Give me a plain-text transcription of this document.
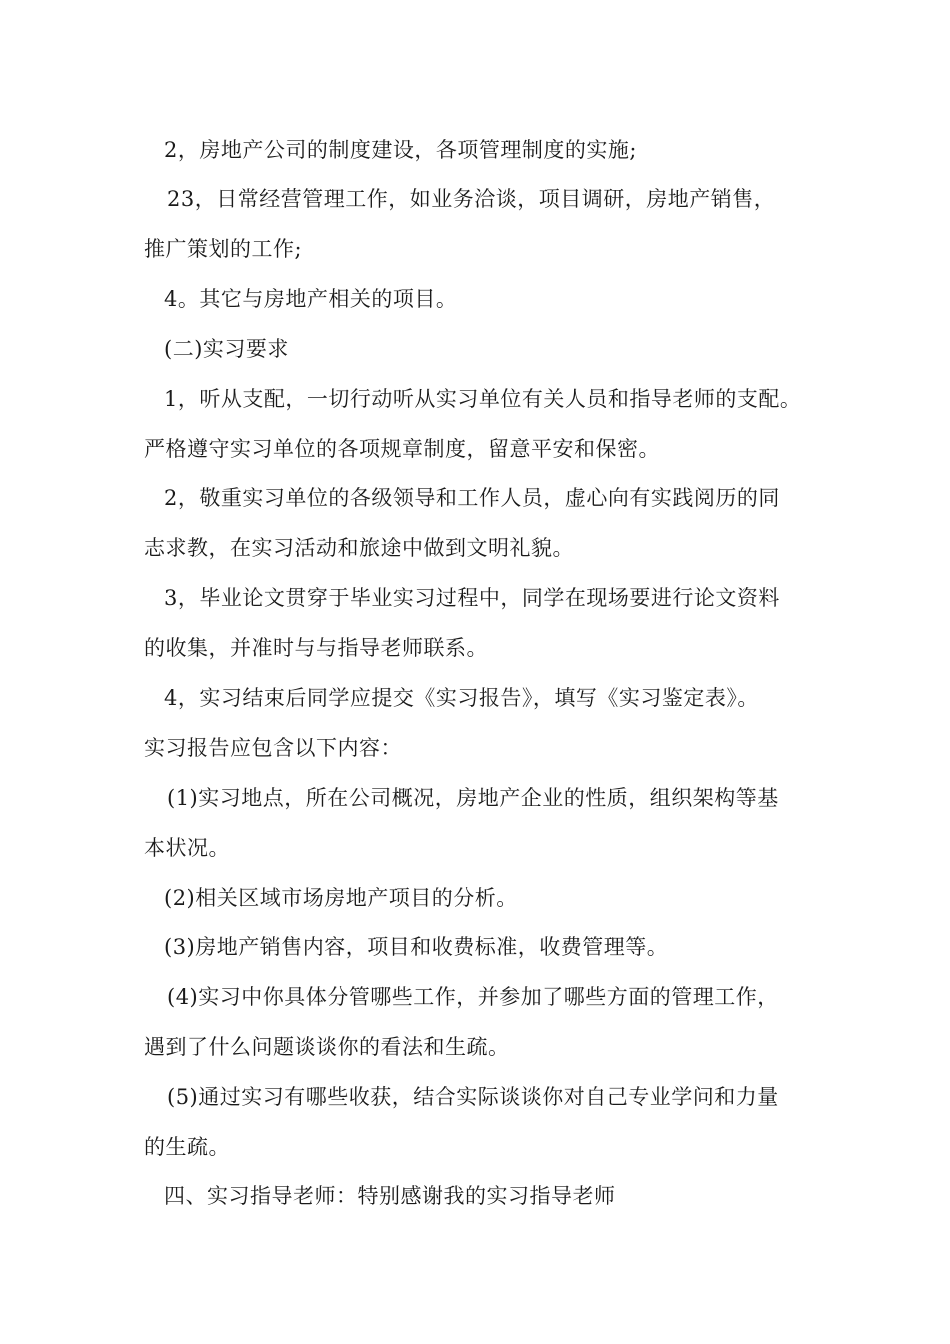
2，房地产公司的制度建设，各项管理制度的实施;
23，日常经营管理工作，如业务洽谈，项目调研，房地产销售，
推广策划的工作;
4。其它与房地产相关的项目。
(二)实习要求
1，听从支配，一切行动听从实习单位有关人员和指导老师的支配。
严格遵守实习单位的各项规章制度，留意平安和保密。
2，敬重实习单位的各级领导和工作人员，虚心向有实践阅历的同
志求教，在实习活动和旅途中做到文明礼貌。
3，毕业论文贯穿于毕业实习过程中，同学在现场要进行论文资料
的收集，并准时与与指导老师联系。
4，实习结束后同学应提交《实习报告》，填写《实习鉴定表》。
实习报告应包含以下内容：
(1)实习地点，所在公司概况，房地产企业的性质，组织架构等基
本状况。
(2)相关区域市场房地产项目的分析。
(3)房地产销售内容，项目和收费标准，收费管理等。
(4)实习中你具体分管哪些工作，并参加了哪些方面的管理工作，
遇到了什么问题谈谈你的看法和生疏。
(5)通过实习有哪些收获，结合实际谈谈你对自己专业学问和力量
的生疏。
四、实习指导老师：特别感谢我的实习指导老师
